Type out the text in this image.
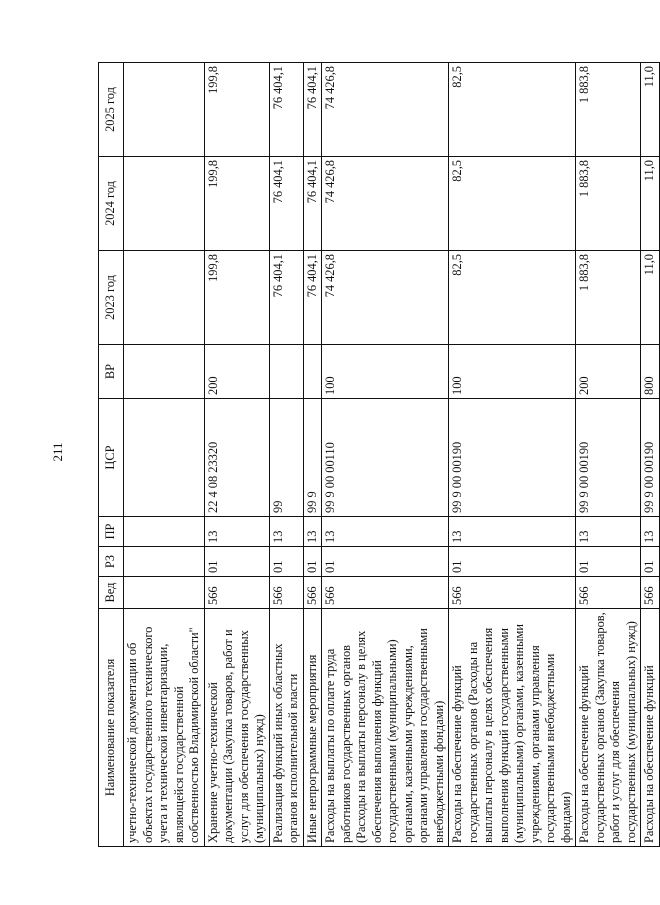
211
Наименование показателя	Вед	РЗ	ПР	ЦСР	ВР	2023 год	2024 год	2025 год
учетно-технической документации об объектах государственного технического учета и технической инвентаризации, являющейся государственной собственностью Владимирской области"								
Хранение учетно-технической документации (Закупка товаров, работ и услуг для обеспечения государственных (муниципальных) нужд)	566	01	13	22 4 08 23320	200	199,8	199,8	199,8
Реализация функций иных областных органов исполнительной власти	566	01	13	99		76 404,1	76 404,1	76 404,1
Иные непрограммные мероприятия	566	01	13	99 9		76 404,1	76 404,1	76 404,1
Расходы на выплаты по оплате труда работников государственных органов (Расходы на выплаты персоналу в целях обеспечения выполнения функций государственными (муниципальными) органами, казенными учреждениями, органами управления государственными внебюджетными фондами)	566	01	13	99 9 00 00110	100	74 426,8	74 426,8	74 426,8
Расходы на обеспечение функций государственных органов (Расходы на выплаты персоналу в целях обеспечения выполнения функций государственными (муниципальными) органами, казенными учреждениями, органами управления государственными внебюджетными фондами)	566	01	13	99 9 00 00190	100	82,5	82,5	82,5
Расходы на обеспечение функций государственных органов (Закупка товаров, работ и услуг для обеспечения государственных (муниципальных) нужд)	566	01	13	99 9 00 00190	200	1 883,8	1 883,8	1 883,8
Расходы на обеспечение функций	566	01	13	99 9 00 00190	800	11,0	11,0	11,0
